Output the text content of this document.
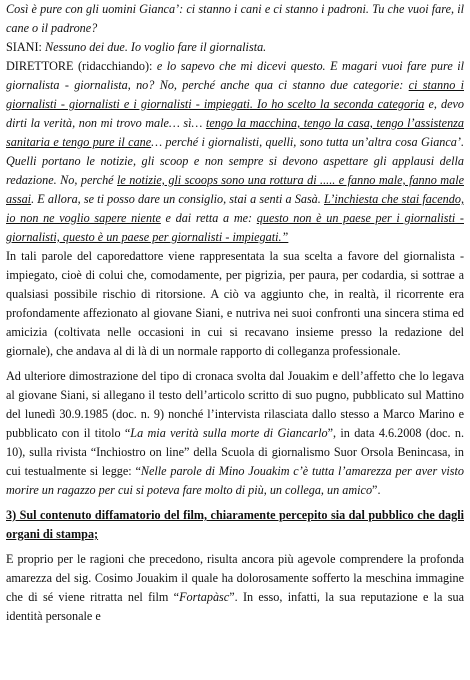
Così è pure con gli uomini Gianca’: ci stanno i cani e ci stanno i padroni. Tu che vuoi fare, il cane o il padrone?

SIANI: Nessuno dei due. Io voglio fare il giornalista.

DIRETTORE (ridacchiando): e lo sapevo che mi dicevi questo. E magari vuoi fare pure il giornalista - giornalista, no? No, perché anche qua ci stanno due categorie: ci stanno i giornalisti - giornalisti e i giornalisti - impiegati. Io ho scelto la seconda categoria e, devo dirti la verità, non mi trovo male… sì… tengo la macchina, tengo la casa, tengo l’assistenza sanitaria e tengo pure il cane… perché i giornalisti, quelli, sono tutta un’altra cosa Gianca’. Quelli portano le notizie, gli scoop e non sempre si devono aspettare gli applausi della redazione. No, perché le notizie, gli scoops sono una rottura di ..... e fanno male, fanno male assai. E allora, se ti posso dare un consiglio, stai a senti a Sasà. L’inchiesta che stai facendo, io non ne voglio sapere niente e dai retta a me: questo non è un paese per i giornalisti - giornalisti, questo è un paese per giornalisti - impiegati.”

In tali parole del caporedattore viene rappresentata la sua scelta a favore del giornalista - impiegato, cioè di colui che, comodamente, per pigrizia, per paura, per codardia, si sottrae a qualsiasi possibile rischio di ritorsione. A ciò va aggiunto che, in realtà, il ricorrente era profondamente affezionato al giovane Siani, e nutriva nei suoi confronti una sincera stima ed amicizia (coltivata nelle occasioni in cui si recavano insieme presso la redazione del giornale), che andava al di là di un normale rapporto di colleganza professionale.

Ad ulteriore dimostrazione del tipo di cronaca svolta dal Jouakim e dell’affetto che lo legava al giovane Siani, si allegano il testo dell’articolo scritto di suo pugno, pubblicato sul Mattino del lunedì 30.9.1985 (doc. n. 9) nonché l’intervista rilasciata dallo stesso a Marco Marino e pubblicato con il titolo “La mia verità sulla morte di Giancarlo”, in data 4.6.2008 (doc. n. 10), sulla rivista “Inchiostro on line” della Scuola di giornalismo Suor Orsola Benincasa, in cui testualmente si legge: “Nelle parole di Mino Jouakim c’è tutta l’amarezza per aver visto morire un ragazzo per cui si poteva fare molto di più, un collega, un amico”.

3) Sul contenuto diffamatorio del film, chiaramente percepito sia dal pubblico che dagli organi di stampa;

E proprio per le ragioni che precedono, risulta ancora più agevole comprendere la profonda amarezza del sig. Cosimo Jouakim il quale ha dolorosamente sofferto la meschina immagine che di sé viene ritratta nel film “Fortapàsc”. In esso, infatti, la sua reputazione e la sua identità personale e
